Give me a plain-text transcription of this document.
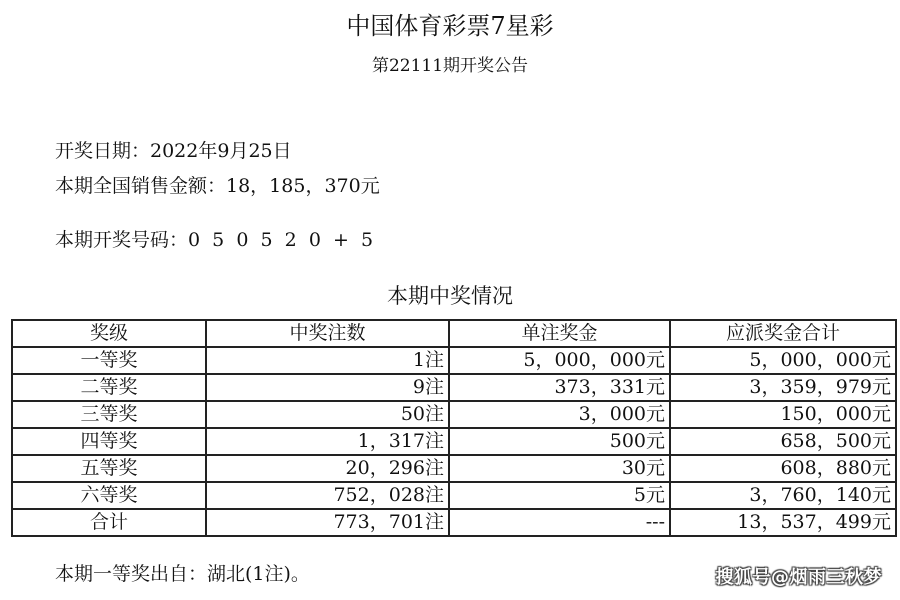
中国体育彩票7星彩
第22111期开奖公告
开奖日期：2022年9月25日
本期全国销售金额：18，185，370元
本期开奖号码：0  5  0  5  2  0  +  5
本期中奖情况
奖级	中奖注数	单注奖金	应派奖金合计
一等奖	1注	5，000，000元	5，000，000元
二等奖	9注	373，331元	3，359，979元
三等奖	50注	3，000元	150，000元
四等奖	1，317注	500元	658，500元
五等奖	20，296注	30元	608，880元
六等奖	752，028注	5元	3，760，140元
合计	773，701注	---	13，537，499元
本期一等奖出自：湖北(1注)。	搜狐号@烟雨三秋梦
